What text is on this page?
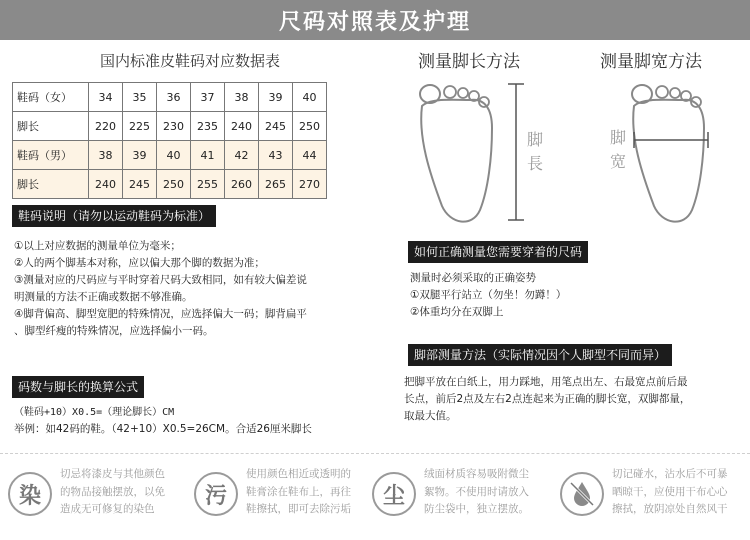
尺码对照表及护理
国内标准皮鞋码对应数据表
鞋码（女）	34	35	36	37	38	39	40
脚长	220	225	230	235	240	245	250
鞋码（男）	38	39	40	41	42	43	44
脚长	240	245	250	255	260	265	270
鞋码说明（请勿以运动鞋码为标准）
①以上对应数据的测量单位为毫米；
②人的两个脚基本对称，应以偏大那个脚的数据为准；
③测量对应的尺码应与平时穿着尺码大致相同，如有较大偏差说
明测量的方法不正确或数据不够准确。
④脚背偏高、脚型宽肥的特殊情况，应选择偏大一码；脚背扁平
、脚型纤瘦的特殊情况，应选择偏小一码。
码数与脚长的换算公式
（鞋码+10）X0.5=（理论脚长）CM
举例：如42码的鞋。（42+10）X0.5=26CM。合适26厘米脚长
测量脚长方法	测量脚宽方法
脚長
脚宽
如何正确测量您需要穿着的尺码
测量时必须采取的正确姿势
①双腿平行站立（勿坐！勿蹲！）
②体重均分在双脚上
脚部测量方法（实际情况因个人脚型不同而异）
把脚平放在白纸上，用力踩地，用笔点出左、右最宽点前后最
长点，前后2点及左右2点连起来为正确的脚长宽，双脚都量，
取最大值。
染
切忌将漆皮与其他颜色
的物品接触摆放，以免
造成无可修复的染色
污
使用颜色相近或透明的
鞋膏涂在鞋布上，再往
鞋擦拭，即可去除污垢
尘
绒面材质容易吸附微尘
絮物。不使用时请放入
防尘袋中，独立摆放。
切记碰水，沾水后不可暴
晒晾干，应使用干布心心
擦拭，放阴凉处自然风干
